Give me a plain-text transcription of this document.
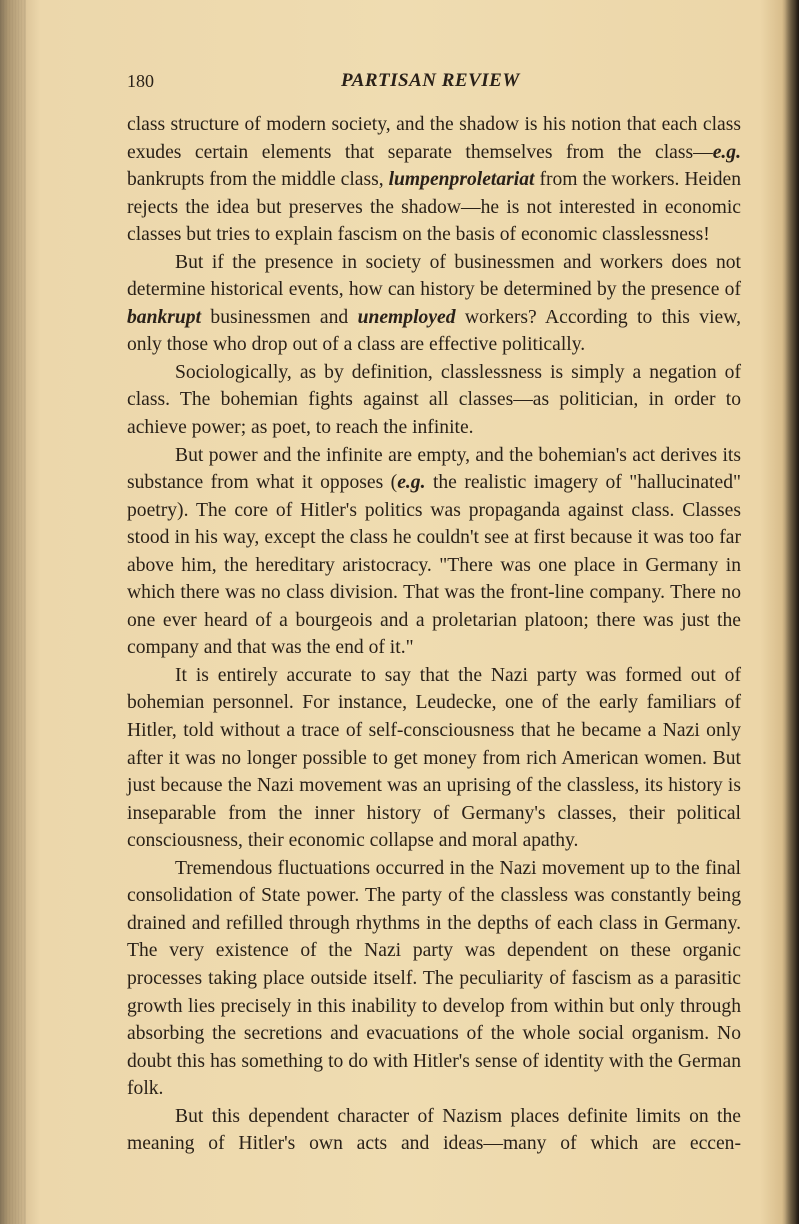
180	PARTISAN REVIEW

class structure of modern society, and the shadow is his notion that each class exudes certain elements that separate themselves from the class—e.g. bankrupts from the middle class, lumpenproletariat from the workers. Heiden rejects the idea but preserves the shadow—he is not interested in economic classes but tries to explain fascism on the basis of economic classlessness!

But if the presence in society of businessmen and workers does not determine historical events, how can history be determined by the presence of bankrupt businessmen and unemployed workers? According to this view, only those who drop out of a class are effective politically.

Sociologically, as by definition, classlessness is simply a negation of class. The bohemian fights against all classes—as politician, in order to achieve power; as poet, to reach the infinite.

But power and the infinite are empty, and the bohemian's act derives its substance from what it opposes (e.g. the realistic imagery of "hallucinated" poetry). The core of Hitler's politics was propaganda against class. Classes stood in his way, except the class he couldn't see at first because it was too far above him, the hereditary aristocracy. "There was one place in Germany in which there was no class division. That was the front-line company. There no one ever heard of a bourgeois and a proletarian platoon; there was just the company and that was the end of it."

It is entirely accurate to say that the Nazi party was formed out of bohemian personnel. For instance, Leudecke, one of the early familiars of Hitler, told without a trace of self-consciousness that he became a Nazi only after it was no longer possible to get money from rich American women. But just because the Nazi movement was an uprising of the classless, its history is inseparable from the inner history of Germany's classes, their political consciousness, their economic collapse and moral apathy.

Tremendous fluctuations occurred in the Nazi movement up to the final consolidation of State power. The party of the classless was constantly being drained and refilled through rhythms in the depths of each class in Germany. The very existence of the Nazi party was dependent on these organic processes taking place outside itself. The peculiarity of fascism as a parasitic growth lies precisely in this inability to develop from within but only through absorbing the secretions and evacuations of the whole social organism. No doubt this has something to do with Hitler's sense of identity with the German folk.

But this dependent character of Nazism places definite limits on the meaning of Hitler's own acts and ideas—many of which are eccen-
